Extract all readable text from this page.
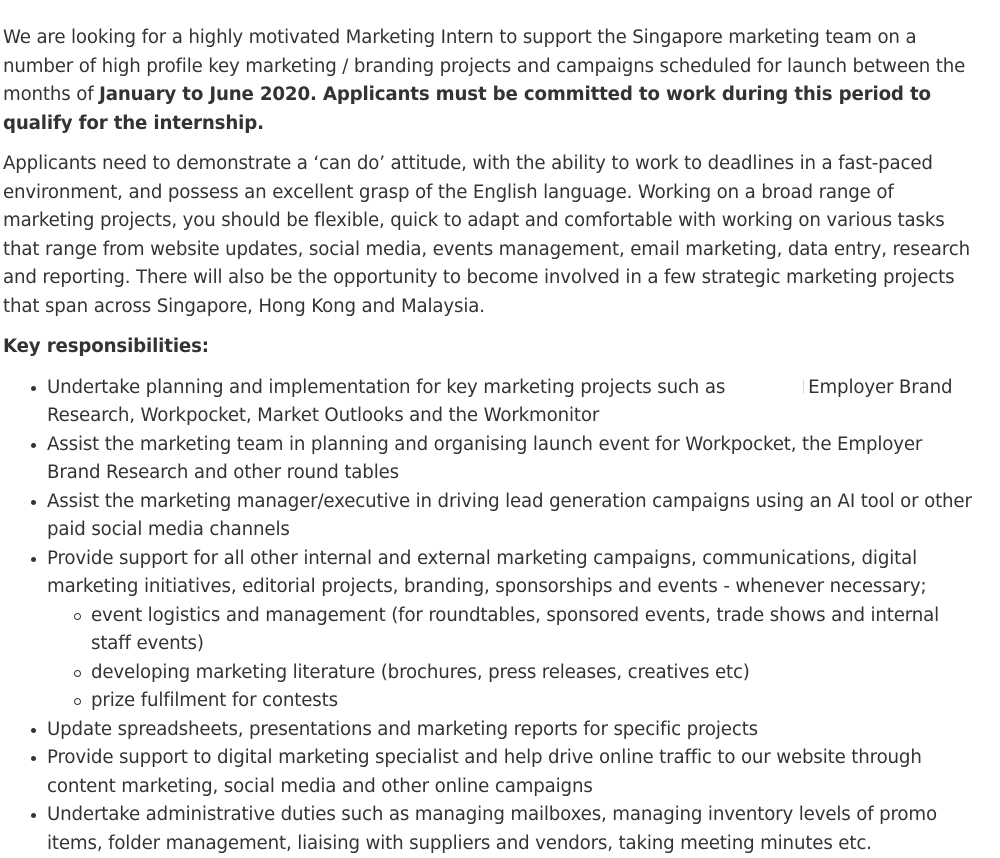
We are looking for a highly motivated Marketing Intern to support the Singapore marketing team on a number of high profile key marketing / branding projects and campaigns scheduled for launch between the months of January to June 2020. Applicants must be committed to work during this period to qualify for the internship.

Applicants need to demonstrate a ‘can do’ attitude, with the ability to work to deadlines in a fast-paced environment, and possess an excellent grasp of the English language. Working on a broad range of marketing projects, you should be flexible, quick to adapt and comfortable with working on various tasks that range from website updates, social media, events management, email marketing, data entry, research and reporting. There will also be the opportunity to become involved in a few strategic marketing projects that span across Singapore, Hong Kong and Malaysia.

Key responsibilities:

Undertake planning and implementation for key marketing projects such as	Employer Brand Research, Workpocket, Market Outlooks and the Workmonitor
Assist the marketing team in planning and organising launch event for Workpocket, the Employer Brand Research and other round tables
Assist the marketing manager/executive in driving lead generation campaigns using an AI tool or other paid social media channels
Provide support for all other internal and external marketing campaigns, communications, digital marketing initiatives, editorial projects, branding, sponsorships and events - whenever necessary;
event logistics and management (for roundtables, sponsored events, trade shows and internal staff events)
developing marketing literature (brochures, press releases, creatives etc)
prize fulfilment for contests
Update spreadsheets, presentations and marketing reports for specific projects
Provide support to digital marketing specialist and help drive online traffic to our website through content marketing, social media and other online campaigns
Undertake administrative duties such as managing mailboxes, managing inventory levels of promo items, folder management, liaising with suppliers and vendors, taking meeting minutes etc.
